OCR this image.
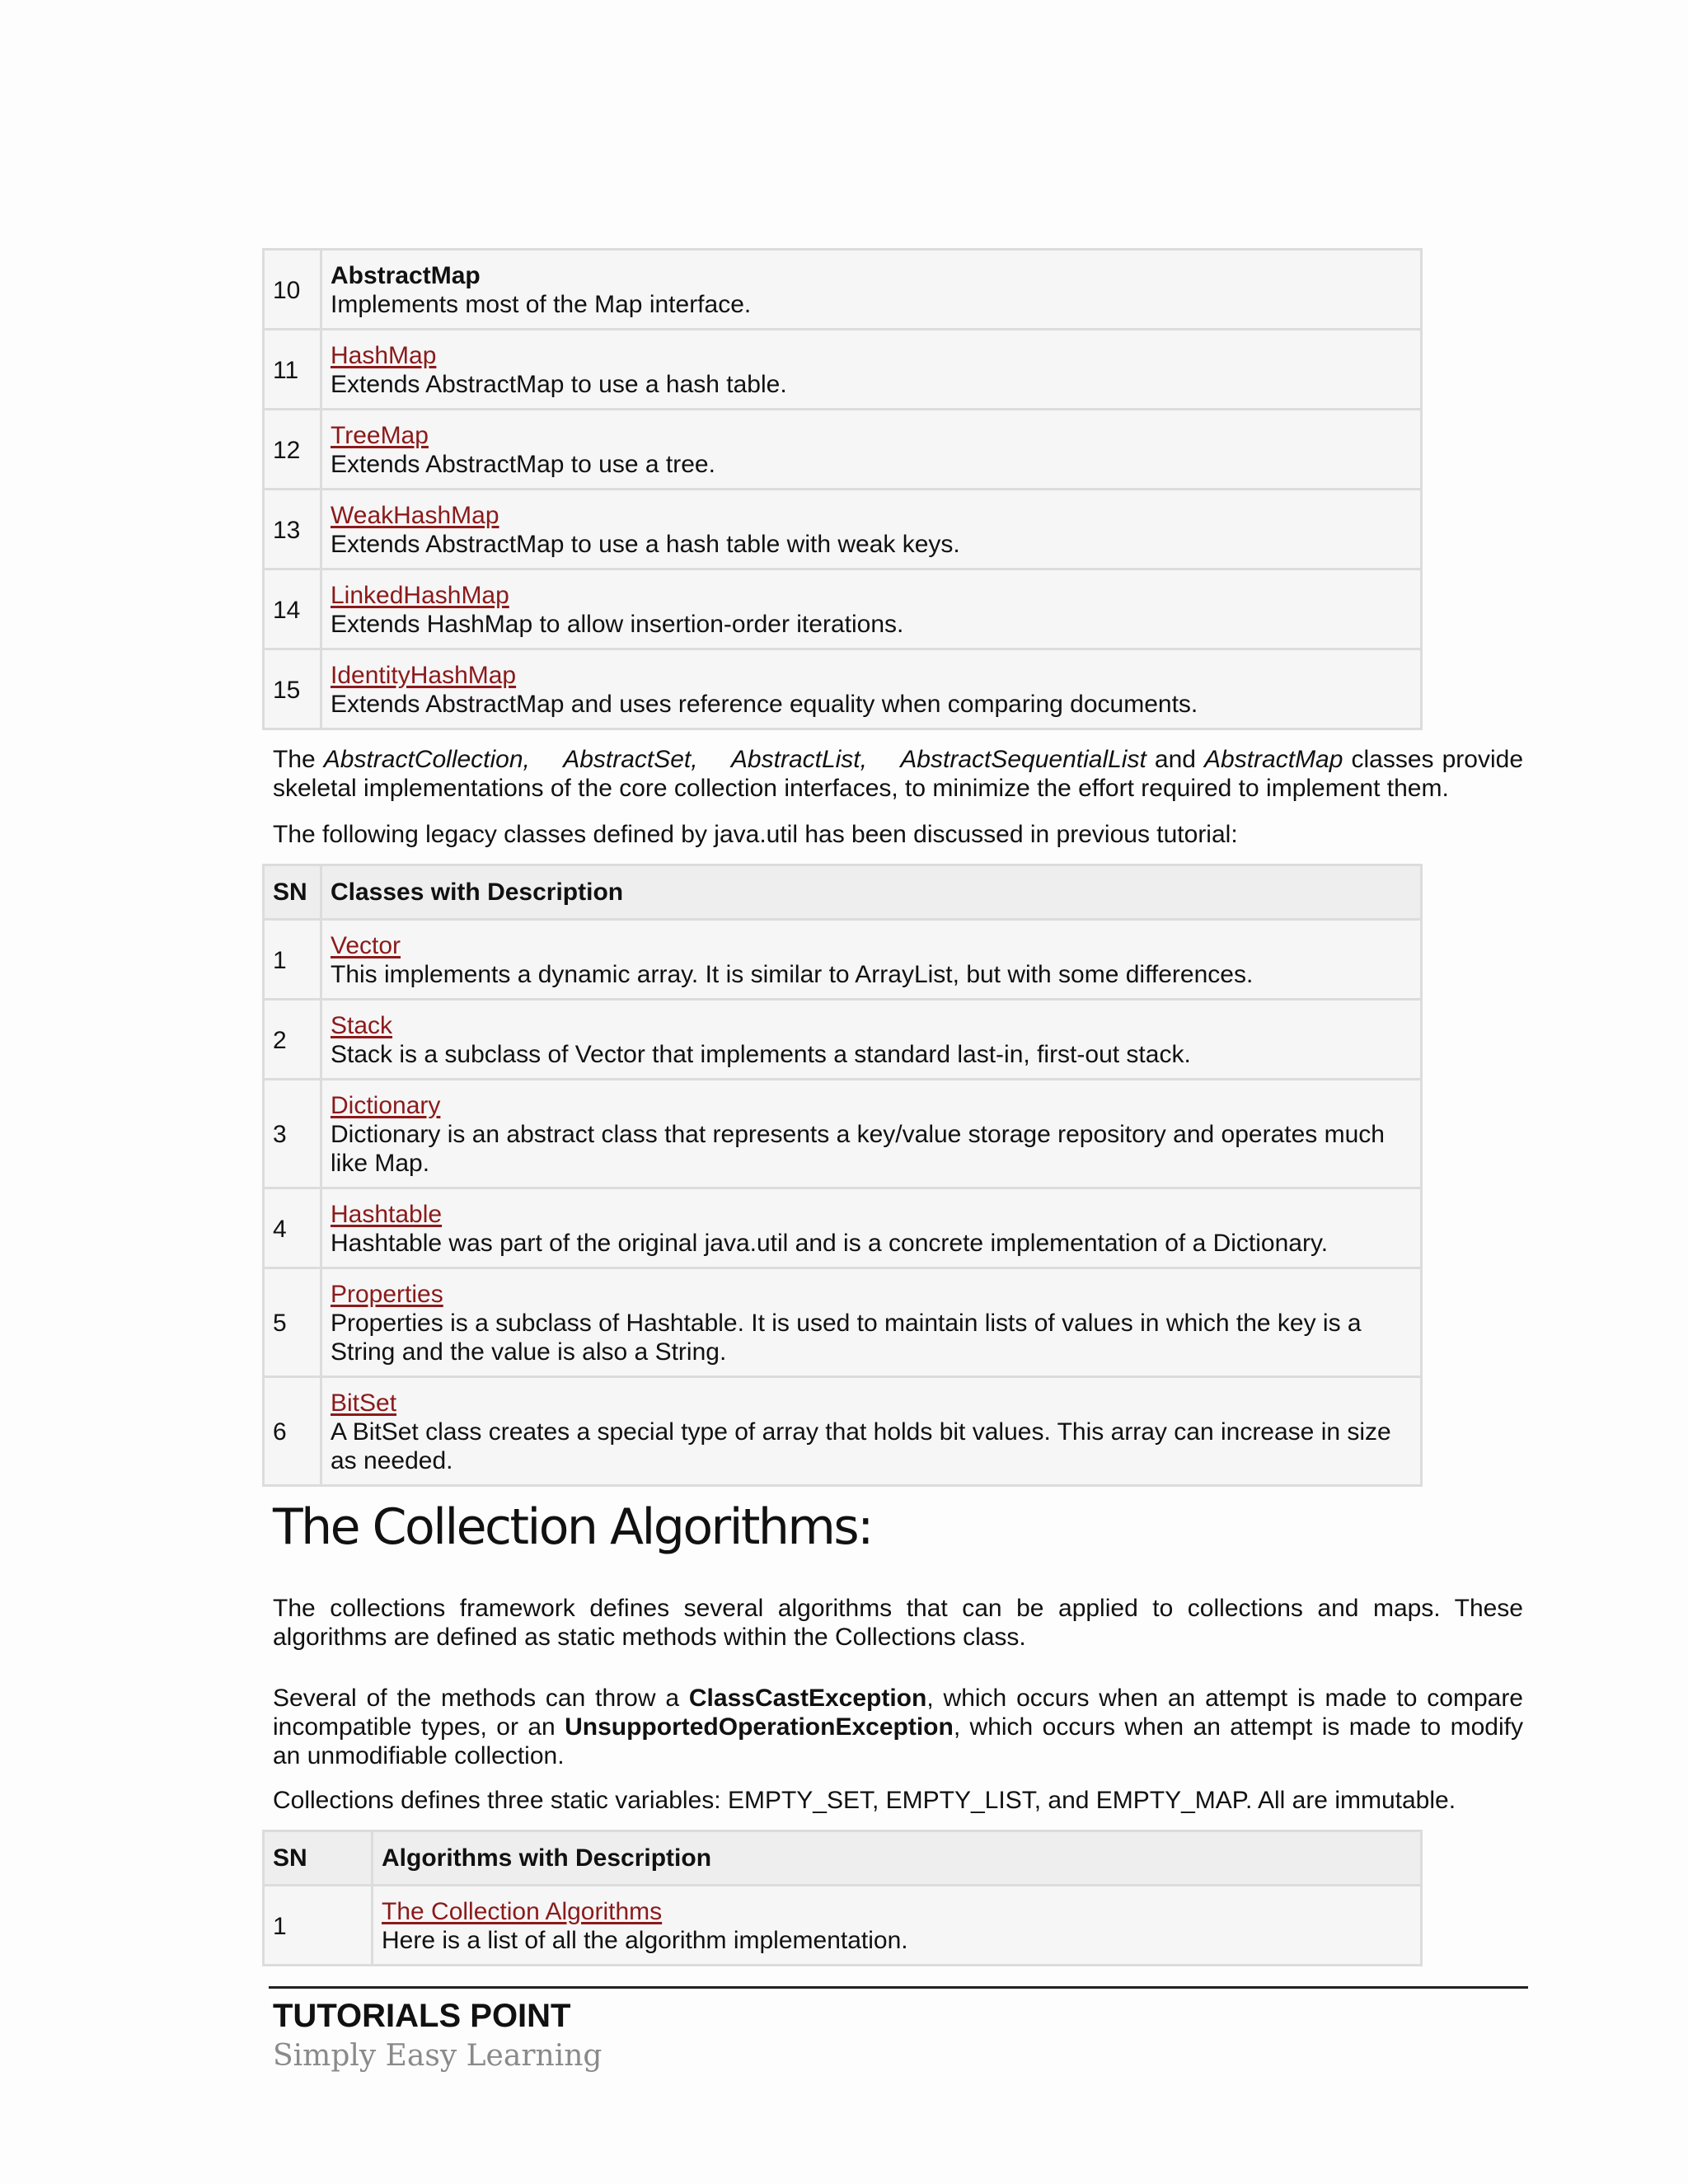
10	AbstractMap
Implements most of the Map interface.

11	HashMap
Extends AbstractMap to use a hash table.

12	TreeMap
Extends AbstractMap to use a tree.

13	WeakHashMap
Extends AbstractMap to use a hash table with weak keys.

14	LinkedHashMap
Extends HashMap to allow insertion-order iterations.

15	IdentityHashMap
Extends AbstractMap and uses reference equality when comparing documents.

The AbstractCollection, AbstractSet, AbstractList, AbstractSequentialList and AbstractMap classes provide skeletal implementations of the core collection interfaces, to minimize the effort required to implement them.

The following legacy classes defined by java.util has been discussed in previous tutorial:

SN	Classes with Description
1	Vector
This implements a dynamic array. It is similar to ArrayList, but with some differences.

2	Stack
Stack is a subclass of Vector that implements a standard last-in, first-out stack.

3	Dictionary
Dictionary is an abstract class that represents a key/value storage repository and operates much like Map.

4	Hashtable
Hashtable was part of the original java.util and is a concrete implementation of a Dictionary.

5	Properties
Properties is a subclass of Hashtable. It is used to maintain lists of values in which the key is a String and the value is also a String.

6	BitSet
A BitSet class creates a special type of array that holds bit values. This array can increase in size as needed.
The Collection Algorithms:

The collections framework defines several algorithms that can be applied to collections and maps. These algorithms are defined as static methods within the Collections class.

Several of the methods can throw a ClassCastException, which occurs when an attempt is made to compare incompatible types, or an UnsupportedOperationException, which occurs when an attempt is made to modify an unmodifiable collection.

Collections defines three static variables: EMPTY_SET, EMPTY_LIST, and EMPTY_MAP. All are immutable.

SN	Algorithms with Description
1	The Collection Algorithms
Here is a list of all the algorithm implementation.

TUTORIALS POINT

Simply Easy Learning
